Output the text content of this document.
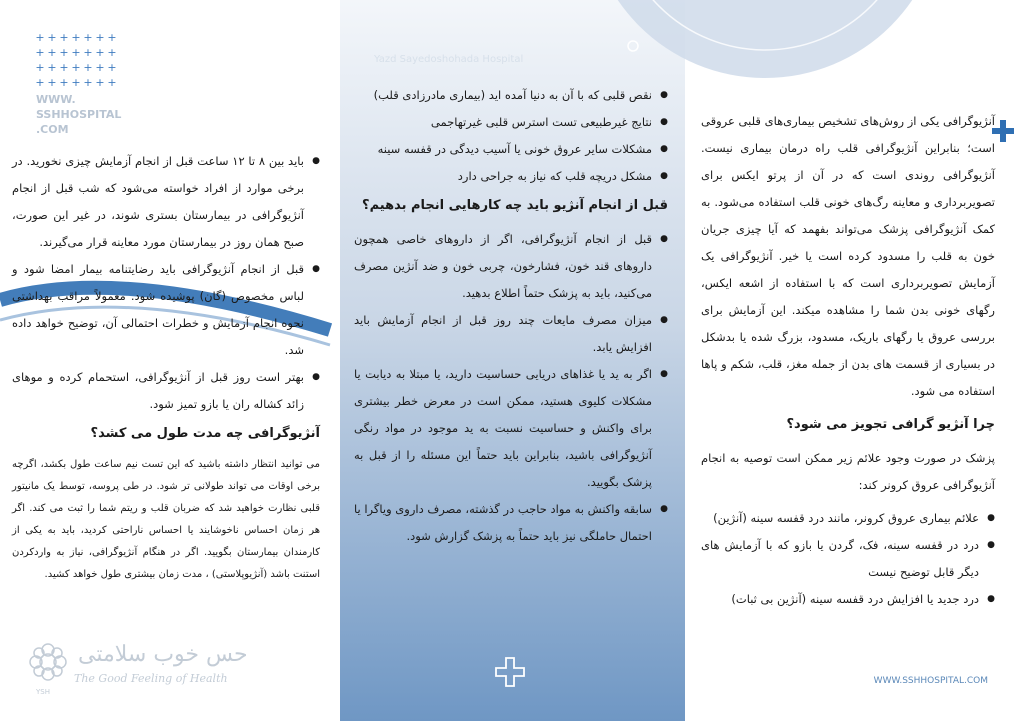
+ + + + + + +
+ + + + + + +
+ + + + + + +
+ + + + + + +
WWW.
SSHHOSPITAL
.COM
● باید بین ۸ تا ۱۲ ساعت قبل از انجام آزمایش چیزی نخورید. در برخی موارد از افراد خواسته می‌شود که شب قبل از انجام آنژیوگرافی در بیمارستان بستری شوند، در غیر این صورت، صبح همان روز در بیمارستان مورد معاینه قرار می‌گیرند.
● قبل از انجام آنژیوگرافی باید رضایتنامه بیمار امضا شود و لباس مخصوص (گان) پوشیده شود. معمولاً مراقب بهداشتی نحوه انجام آزمایش و خطرات احتمالی آن، توضیح خواهد داده شد.
● بهتر است روز قبل از آنژیوگرافی، استحمام کرده و موهای زائد کشاله ران یا بازو تمیز شود.
آنژیوگرافی چه مدت طول می کشد؟

می توانید انتظار داشته باشید که این تست نیم ساعت طول بکشد، اگرچه برخی اوقات می تواند طولانی تر شود. در طی پروسه، توسط یک مانیتور قلبی نظارت خواهید شد که ضربان قلب و ریتم شما را ثبت می کند. اگر هر زمان احساس ناخوشایند یا احساس ناراحتی کردید، باید به یکی از کارمندان بیمارستان بگویید. اگر در هنگام آنژیوگرافی، نیاز به واردکردن استنت باشد (آنژیوپلاستی) ، مدت زمان بیشتری طول خواهد کشید.

حس خوب سلامتی
The Good Feeling of Health
YSH
Yazd Sayedoshohada Hospital
● نقص قلبی که با آن به دنیا آمده اید (بیماری مادرزادی قلب)
● نتایج غیرطبیعی تست استرس قلبی غیرتهاجمی
● مشکلات سایر عروق خونی یا آسیب دیدگی در قفسه سینه
● مشکل دریچه قلب که نیاز به جراحی دارد
قبل از انجام آنژیو باید چه کارهایی انجام بدهیم؟
● قبل از انجام آنژیوگرافی، اگر از داروهای خاصی همچون داروهای قند خون، فشارخون، چربی خون و ضد آنژین مصرف می‌کنید، باید به پزشک حتماً اطلاع بدهید.
● میزان مصرف مایعات چند روز قبل از انجام آزمایش باید افزایش یابد.
● اگر به ید یا غذاهای دریایی حساسیت دارید، یا مبتلا به دیابت یا مشکلات کلیوی هستید، ممکن است در معرض خطر بیشتری برای واکنش و حساسیت نسبت به ید موجود در مواد رنگی آنژیوگرافی باشید، بنابراین باید حتماً این مسئله را از قبل به پزشک بگویید.
● سابقه واکنش به مواد حاجب در گذشته، مصرف داروی ویاگرا یا احتمال حاملگی نیز باید حتماً به پزشک گزارش شود.

آنژیوگرافی یکی از روش‌های تشخیص بیماری‌های قلبی عروقی است؛ بنابراین آنژیوگرافی قلب راه درمان بیماری نیست. آنژیوگرافی روندی است که در آن از پرتو ایکس برای تصویربرداری و معاینه رگ‌های خونی قلب استفاده می‌شود. به کمک آنژیوگرافی پزشک می‌تواند بفهمد که آیا چیزی جریان خون به قلب را مسدود کرده است یا خیر. آنژیوگرافی یک آزمایش تصویربرداری است که با استفاده از اشعه ایکس، رگهای خونی بدن شما را مشاهده میکند. این آزمایش برای بررسی عروق یا رگهای باریک، مسدود، بزرگ شده یا بدشکل در بسیاری از قسمت های بدن از جمله مغز، قلب، شکم و پاها استفاده می شود.

چرا آنژیو گرافی تجویز می شود؟

پزشک در صورت وجود علائم زیر ممکن است توصیه به انجام آنژیوگرافی عروق کرونر کند:

● علائم بیماری عروق کرونر، مانند درد قفسه سینه (آنژین)
● درد در قفسه سینه، فک، گردن یا بازو که با آزمایش های دیگر قابل توضیح نیست
● درد جدید یا افزایش درد قفسه سینه (آنژین بی ثبات)
WWW.SSHHOSPITAL.COM
